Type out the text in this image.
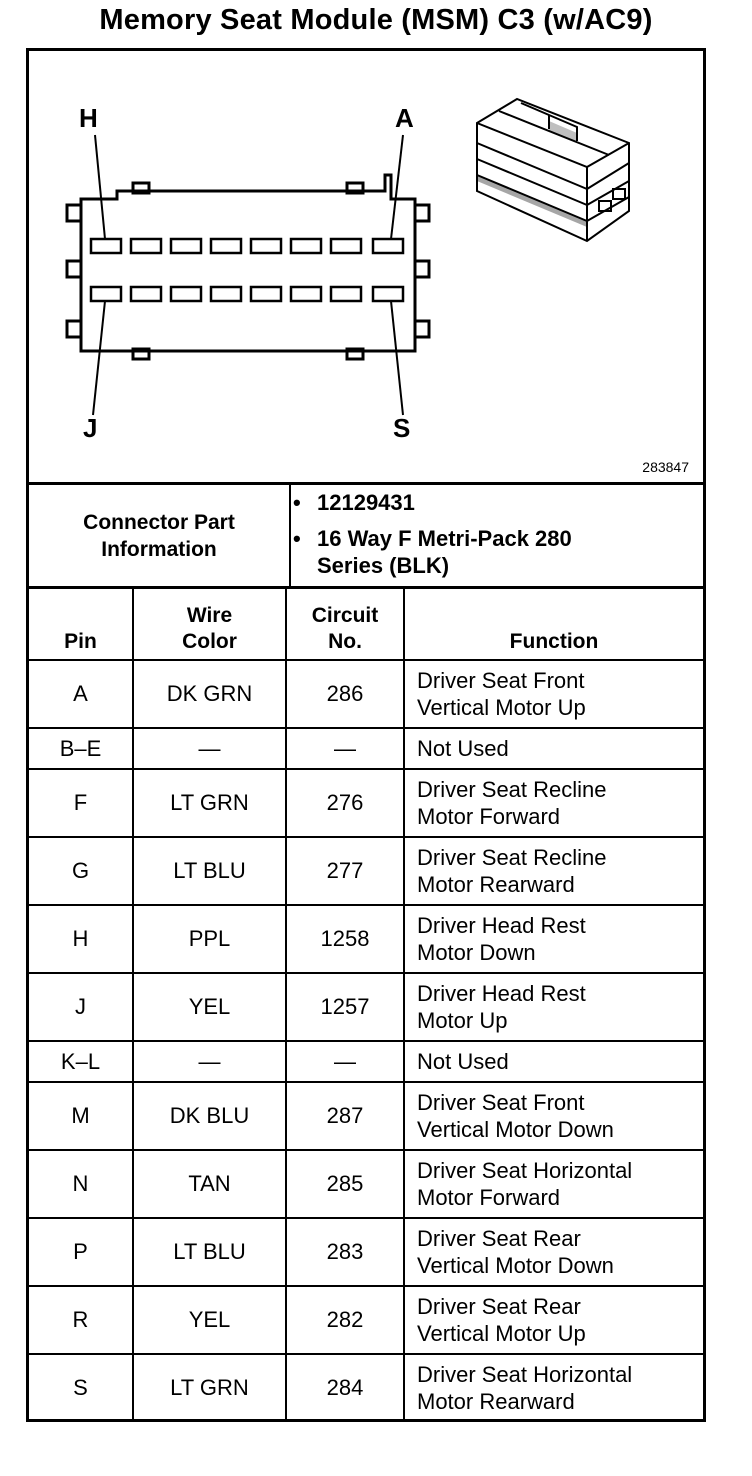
Memory Seat Module (MSM) C3 (w/AC9)
H	A
J	S
283847
Connector Part Information
• 12129431
• 16 Way F Metri-Pack 280 Series (BLK)
Pin	Wire Color	Circuit No.	Function
A	DK GRN	286	Driver Seat Front Vertical Motor Up
B–E	—	—	Not Used
F	LT GRN	276	Driver Seat Recline Motor Forward
G	LT BLU	277	Driver Seat Recline Motor Rearward
H	PPL	1258	Driver Head Rest Motor Down
J	YEL	1257	Driver Head Rest Motor Up
K–L	—	—	Not Used
M	DK BLU	287	Driver Seat Front Vertical Motor Down
N	TAN	285	Driver Seat Horizontal Motor Forward
P	LT BLU	283	Driver Seat Rear Vertical Motor Down
R	YEL	282	Driver Seat Rear Vertical Motor Up
S	LT GRN	284	Driver Seat Horizontal Motor Rearward
